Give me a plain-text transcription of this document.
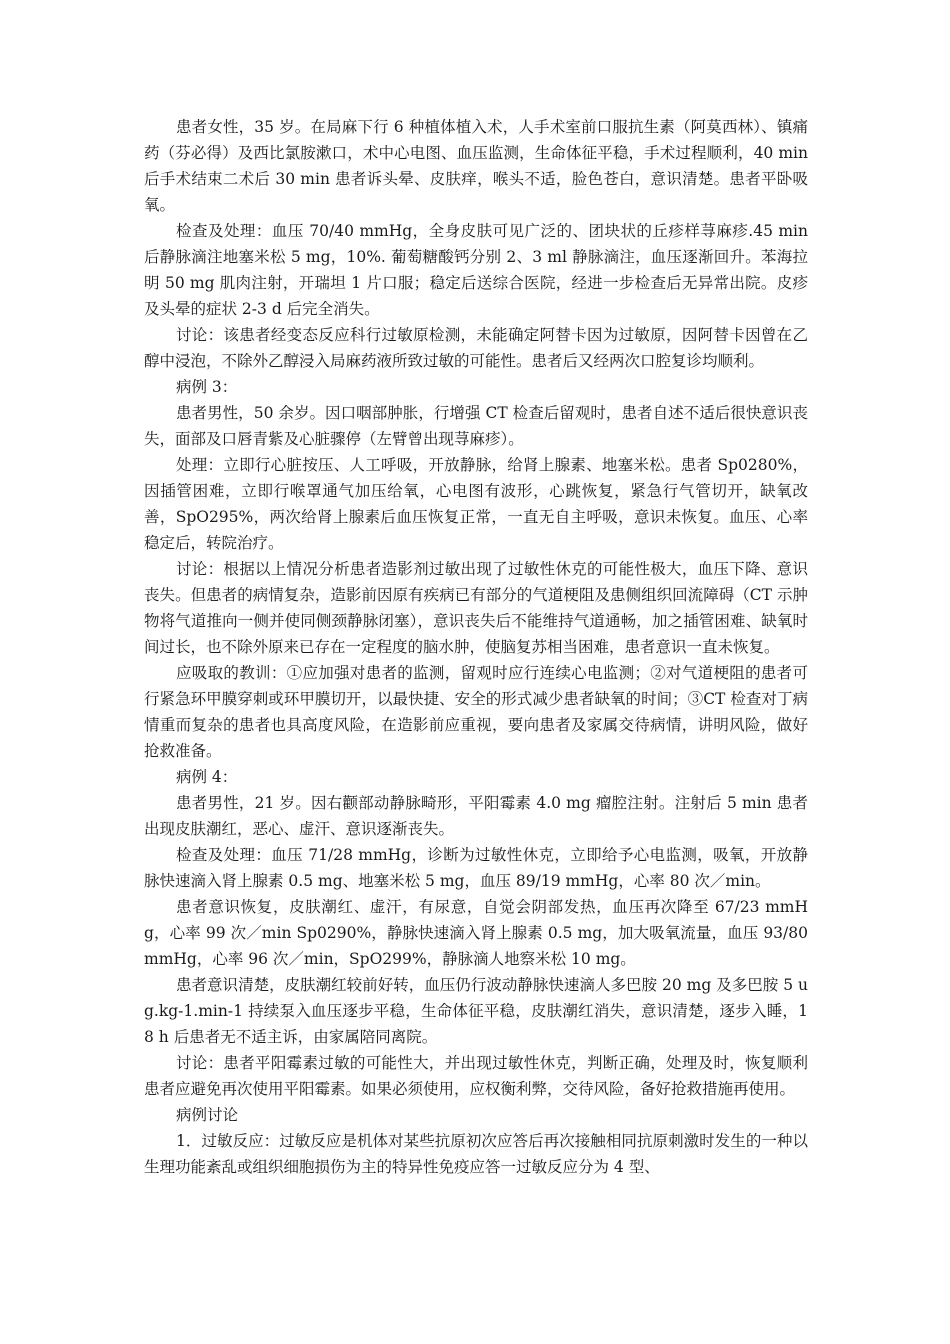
患者女性，35 岁。在局麻下行 6 种植体植入术，人手术室前口服抗生素（阿莫西林）、镇痛药（芬必得）及西比氯胺漱口，术中心电图、血压监测，生命体征平稳，手术过程顺利，40 min 后手术结束二术后 30 min 患者诉头晕、皮肤痒，喉头不适，脸色苍白，意识清楚。患者平卧吸氧。

检查及处理：血压 70/40 mmHg，全身皮肤可见广泛的、团块状的丘疹样荨麻疹.45 min 后静脉滴注地塞米松 5 mg，10%. 葡萄糖酸钙分别 2、3 ml 静脉滴注，血压逐渐回升。苯海拉明 50 mg 肌肉注射，开瑞坦 1 片口服；稳定后送综合医院，经进一步检查后无异常出院。皮疹及头晕的症状 2-3 d 后完全消失。

讨论：该患者经变态反应科行过敏原检测，未能确定阿替卡因为过敏原，因阿替卡因曾在乙醇中浸泡，不除外乙醇浸入局麻药液所致过敏的可能性。患者后又经两次口腔复诊均顺利。

病例 3：

患者男性，50 余岁。因口咽部肿胀，行增强 CT 检查后留观时，患者自述不适后很快意识丧失，面部及口唇青紫及心脏骤停（左臂曾出现荨麻疹）。

处理：立即行心脏按压、人工呼吸，开放静脉，给肾上腺素、地塞米松。患者 Sp0280%，因插管困难，立即行喉罩通气加压给氧，心电图有波形，心跳恢复，紧急行气管切开，缺氧改善，SpO295%，两次给肾上腺素后血压恢复正常，一直无自主呼吸，意识未恢复。血压、心率稳定后，转院治疗。

讨论：根据以上情况分析患者造影剂过敏出现了过敏性休克的可能性极大，血压下降、意识丧失。但患者的病情复杂，造影前因原有疾病已有部分的气道梗阻及患侧组织回流障碍（CT 示肿物将气道推向一侧并使同侧颈静脉闭塞），意识丧失后不能维持气道通畅，加之插管困难、缺氧时间过长，也不除外原来已存在一定程度的脑水肿，使脑复苏相当困难，患者意识一直未恢复。

应吸取的教训：①应加强对患者的监测，留观时应行连续心电监测；②对气道梗阻的患者可行紧急环甲膜穿刺或环甲膜切开，以最快捷、安全的形式减少患者缺氧的时间；③CT 检查对丁病情重而复杂的患者也具高度风险，在造影前应重视，要向患者及家属交待病情，讲明风险，做好抢救准备。

病例 4：

患者男性，21 岁。因右颧部动静脉畸形，平阳霉素 4.0 mg 瘤腔注射。注射后 5 min 患者出现皮肤潮红，恶心、虚汗、意识逐渐丧失。

检查及处理：血压 71/28 mmHg，诊断为过敏性休克，立即给予心电监测，吸氧，开放静脉快速滴入肾上腺素 0.5 mg、地塞米松 5 mg，血压 89/19 mmHg，心率 80 次／min。

患者意识恢复，皮肤潮红、虚汗，有尿意，自觉会阴部发热，血压再次降至 67/23 mmHg，心率 99 次／min Sp0290%，静脉快速滴入肾上腺素 0.5 mg，加大吸氧流量，血压 93/80 mmHg，心率 96 次／min，SpO299%，静脉滴人地察米松 10 mg。

患者意识清楚，皮肤潮红较前好转，血压仍行波动静脉快速滴人多巴胺 20 mg 及多巴胺 5 ug.kg-1.min-1 持续泵入血压逐步平稳，生命体征平稳，皮肤潮红消失，意识清楚，逐步入睡，18 h 后患者无不适主诉，由家属陪同离院。

讨论：患者平阳霉素过敏的可能性大，并出现过敏性休克，判断正确，处理及时，恢复顺利患者应避免再次使用平阳霉素。如果必须使用，应权衡利弊，交待风险，备好抢救措施再使用。

病例讨论

1．过敏反应：过敏反应是机体对某些抗原初次应答后再次接触相同抗原刺激时发生的一种以生理功能紊乱或组织细胞损伤为主的特异性免疫应答一过敏反应分为 4 型、
